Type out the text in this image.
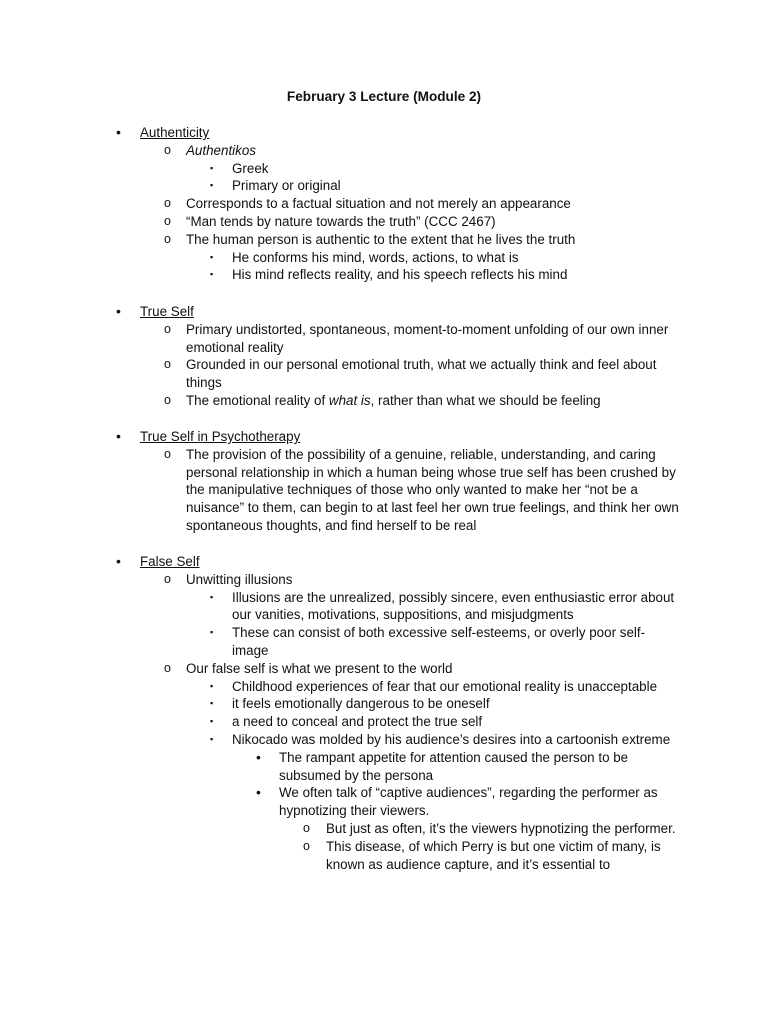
February 3 Lecture (Module 2)
• Authenticity
o Authentikos
▪ Greek
▪ Primary or original
o Corresponds to a factual situation and not merely an appearance
o “Man tends by nature towards the truth” (CCC 2467)
o The human person is authentic to the extent that he lives the truth
▪ He conforms his mind, words, actions, to what is
▪ His mind reflects reality, and his speech reflects his mind
• True Self
o Primary undistorted, spontaneous, moment-to-moment unfolding of our own inner emotional reality
o Grounded in our personal emotional truth, what we actually think and feel about things
o The emotional reality of what is, rather than what we should be feeling
• True Self in Psychotherapy
o The provision of the possibility of a genuine, reliable, understanding, and caring personal relationship in which a human being whose true self has been crushed by the manipulative techniques of those who only wanted to make her “not be a nuisance” to them, can begin to at last feel her own true feelings, and think her own spontaneous thoughts, and find herself to be real
• False Self
o Unwitting illusions
▪ Illusions are the unrealized, possibly sincere, even enthusiastic error about our vanities, motivations, suppositions, and misjudgments
▪ These can consist of both excessive self-esteems, or overly poor self-image
o Our false self is what we present to the world
▪ Childhood experiences of fear that our emotional reality is unacceptable
▪ it feels emotionally dangerous to be oneself
▪ a need to conceal and protect the true self
▪ Nikocado was molded by his audience’s desires into a cartoonish extreme
• The rampant appetite for attention caused the person to be subsumed by the persona
• We often talk of “captive audiences”, regarding the performer as hypnotizing their viewers.
o But just as often, it’s the viewers hypnotizing the performer.
o This disease, of which Perry is but one victim of many, is known as audience capture, and it’s essential to
